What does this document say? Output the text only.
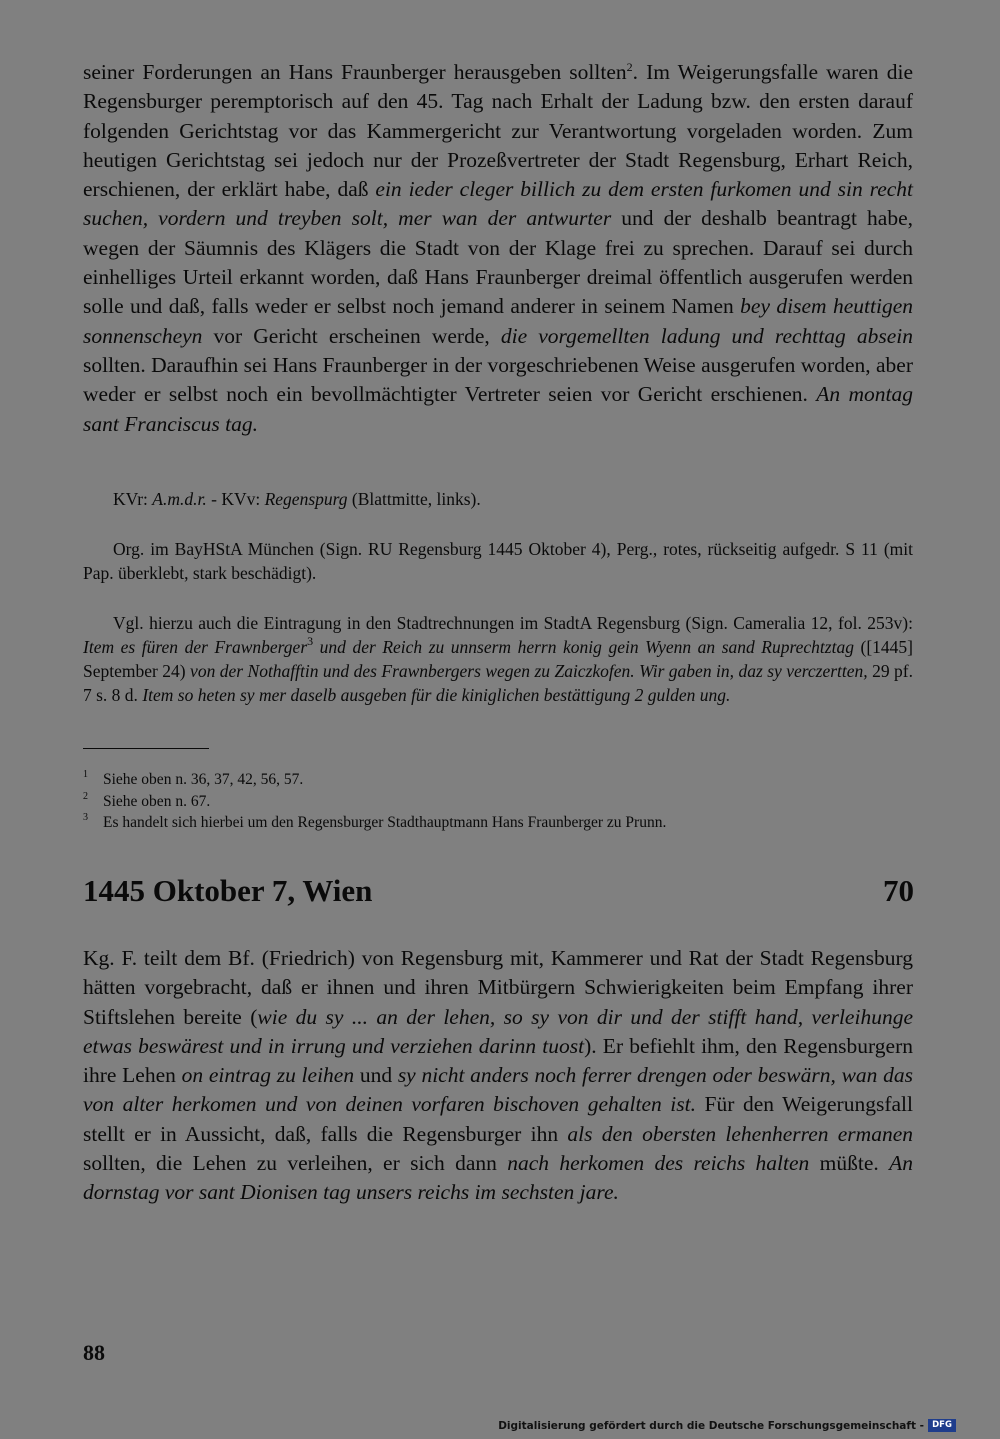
seiner Forderungen an Hans Fraunberger herausgeben sollten$^2$. Im Weigerungsfalle waren die Regensburger peremptorisch auf den 45. Tag nach Erhalt der Ladung bzw. den ersten darauf folgenden Gerichtstag vor das Kammergericht zur Verantwortung vorgeladen worden. Zum heutigen Gerichtstag sei jedoch nur der Prozeßvertreter der Stadt Regensburg, Erhart Reich, erschienen, der erklärt habe, daß ein ieder cleger billich zu dem ersten furkomen und sin recht suchen, vordern und treyben solt, mer wan der antwurter und der deshalb beantragt habe, wegen der Säumnis des Klägers die Stadt von der Klage frei zu sprechen. Darauf sei durch einhelliges Urteil erkannt worden, daß Hans Fraunberger dreimal öffentlich ausgerufen werden solle und daß, falls weder er selbst noch jemand anderer in seinem Namen bey disem heuttigen sonnenscheyn vor Gericht erscheinen werde, die vorgemellten ladung und rechttag absein sollten. Daraufhin sei Hans Fraunberger in der vorgeschriebenen Weise ausgerufen worden, aber weder er selbst noch ein bevollmächtigter Vertreter seien vor Gericht erschienen. An montag sant Franciscus tag.

KVr: A.m.d.r. - KVv: Regenspurg (Blattmitte, links).

Org. im BayHStA München (Sign. RU Regensburg 1445 Oktober 4), Perg., rotes, rückseitig aufgedr. S 11 (mit Pap. überklebt, stark beschädigt).

Vgl. hierzu auch die Eintragung in den Stadtrechnungen im StadtA Regensburg (Sign. Cameralia 12, fol. 253v): Item es füren der Frawnberger$^3$ und der Reich zu unnserm herrn konig gein Wyenn an sand Ruprechtztag ([1445] September 24) von der Nothafftin und des Frawnbergers wegen zu Zaiczkofen. Wir gaben in, daz sy verczertten, 29 pf. 7 s. 8 d. Item so heten sy mer daselb ausgeben für die kiniglichen bestättigung 2 gulden ung.

$^1$ Siehe oben n. 36, 37, 42, 56, 57.
$^2$ Siehe oben n. 67.
$^3$ Es handelt sich hierbei um den Regensburger Stadthauptmann Hans Fraunberger zu Prunn.
1445 Oktober 7, Wien	70

Kg. F. teilt dem Bf. (Friedrich) von Regensburg mit, Kammerer und Rat der Stadt Regensburg hätten vorgebracht, daß er ihnen und ihren Mitbürgern Schwierigkeiten beim Empfang ihrer Stiftslehen bereite (wie du sy ... an der lehen, so sy von dir und der stifft hand, verleihunge etwas beswärest und in irrung und verziehen darinn tuost). Er befiehlt ihm, den Regensburgern ihre Lehen on eintrag zu leihen und sy nicht anders noch ferrer drengen oder beswärn, wan das von alter herkomen und von deinen vorfaren bischoven gehalten ist. Für den Weigerungsfall stellt er in Aussicht, daß, falls die Regensburger ihn als den obersten lehenherren ermanen sollten, die Lehen zu verleihen, er sich dann nach herkomen des reichs halten müßte. An dornstag vor sant Dionisen tag unsers reichs im sechsten jare.

88
Digitalisierung gefördert durch die Deutsche Forschungsgemeinschaft - DFG
